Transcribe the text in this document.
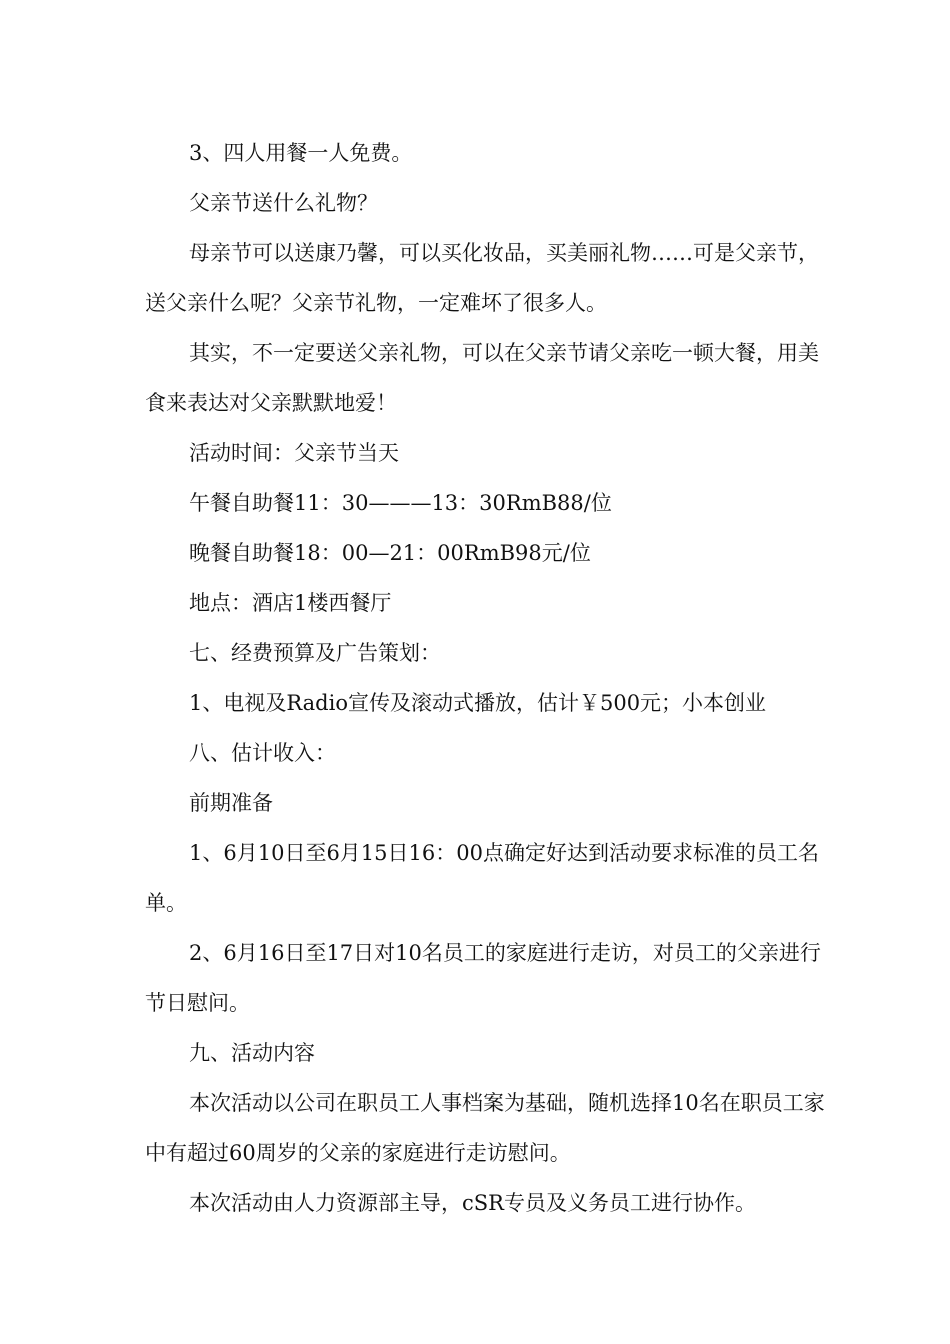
3、四人用餐一人免费。

父亲节送什么礼物？

母亲节可以送康乃馨，可以买化妆品，买美丽礼物……可是父亲节，送父亲什么呢？父亲节礼物，一定难坏了很多人。

其实，不一定要送父亲礼物，可以在父亲节请父亲吃一顿大餐，用美食来表达对父亲默默地爱！

活动时间：父亲节当天

午餐自助餐11：30———13：30RmB88/位

晚餐自助餐18：00—21：00RmB98元/位

地点：酒店1楼西餐厅

七、经费预算及广告策划：

1、电视及Radio宣传及滚动式播放，估计￥500元；小本创业

八、估计收入：

前期准备

1、6月10日至6月15日16：00点确定好达到活动要求标准的员工名单。

2、6月16日至17日对10名员工的家庭进行走访，对员工的父亲进行节日慰问。

九、活动内容

本次活动以公司在职员工人事档案为基础，随机选择10名在职员工家中有超过60周岁的父亲的家庭进行走访慰问。

本次活动由人力资源部主导，cSR专员及义务员工进行协作。
